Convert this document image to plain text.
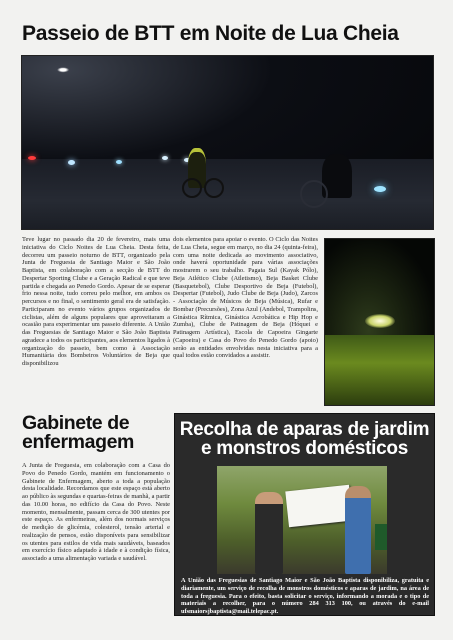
Passeio de BTT em Noite de Lua Cheia

Teve lugar no passado dia 20 de fevereiro, mais uma iniciativa do Ciclo Noites de Lua Cheia. Desta feita, decorreu um passeio noturno de BTT, organizado pela Junta de Freguesia de Santiago Maior e São João Baptista, em colaboração com a secção de BTT do Despertar Sporting Clube e a Geração Radical e que teve partida e chegada ao Penedo Gordo. Apesar de se esperar frio nessa noite, tudo correu pelo melhor, em ambos os percursos e no final, o sentimento geral era de satisfação. Participaram no evento vários grupos organizados de ciclistas, além de alguns populares que aproveitaram a ocasião para experimentar um passeio diferente. A União das Freguesias de Santiago Maior e São João Baptista agradece a todos os participantes, aos elementos ligados à organização do passeio, bem como à Associação Humanitária dos Bombeiros Voluntários de Beja que disponibilizou

dois elementos para apoiar o evento. O Ciclo das Noites de Lua Cheia, segue em março, no dia 24 (quinta-feira), com uma noite dedicada ao movimento associativo, onde haverá oportunidade para várias associações mostrarem o seu trabalho. Pagaia Sul (Kayak Pólo), Beja Atlético Clube (Atletismo), Beja Basket Clube (Basquetebol), Clube Desportivo de Beja (Futebol), Despertar (Futebol), Judo Clube de Beja (Judo), Zarcos - Associação de Músicos de Beja (Música), Rufar e Bombar (Precursões), Zona Azul (Andebol, Trampolins, Ginástica Rítmica, Ginástica Acrobática e Hip Hop e Zumba), Clube de Patinagem de Beja (Hóquei e Patinagem Artística), Escola de Capoeira Gingarte (Capoeira) e Casa do Povo do Penedo Gordo (apoio) serão as entidades envolvidas nesta iniciativa para a qual todos estão convidados a assistir.

Gabinete de enfermagem

A Junta de Freguesia, em colaboração com a Casa do Povo do Penedo Gordo, mantém em funcionamento o Gabinete de Enfermagem, aberto a toda a população desta localidade. Recordamos que este espaço está aberto ao público às segundas e quartas-feiras de manhã, a partir das 10.00 horas, no edifício da Casa do Povo. Neste momento, mensalmente, passam cerca de 300 utentes por este espaço. As enfermeiras, além dos normais serviços de medição de glicémia, colesterol, tensão arterial e realização de pensos, estão disponíveis para sensibilizar os utentes para estilos de vida mais saudáveis, baseados em exercício físico adaptado à idade e à condição física, associado a uma alimentação variada e saudável.

Recolha de aparas de jardim e monstros domésticos
A União das Freguesias de Santiago Maior e São João Baptista disponibiliza, gratuita e diariamente, um serviço de recolha de monstros domésticos e aparas de jardim, na área de toda a freguesia. Para o efeito, basta solicitar o serviço, informando a morada e o tipo de materiais a recolher, para o número 284 313 100, ou através do e-mail ufsmaiorsjbaptista@mail.telepac.pt.
